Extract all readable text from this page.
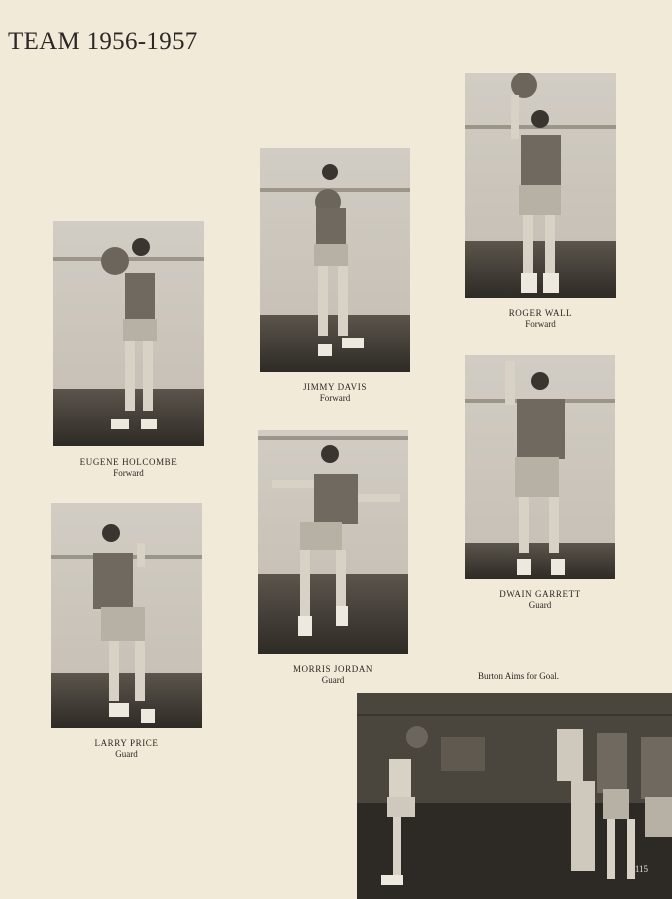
TEAM 1956-1957
EUGENE HOLCOMBE
Forward
JIMMY DAVIS
Forward
ROGER WALL
Forward
LARRY PRICE
Guard
MORRIS JORDAN
Guard
DWAIN GARRETT
Guard
Burton Aims for Goal.
115
